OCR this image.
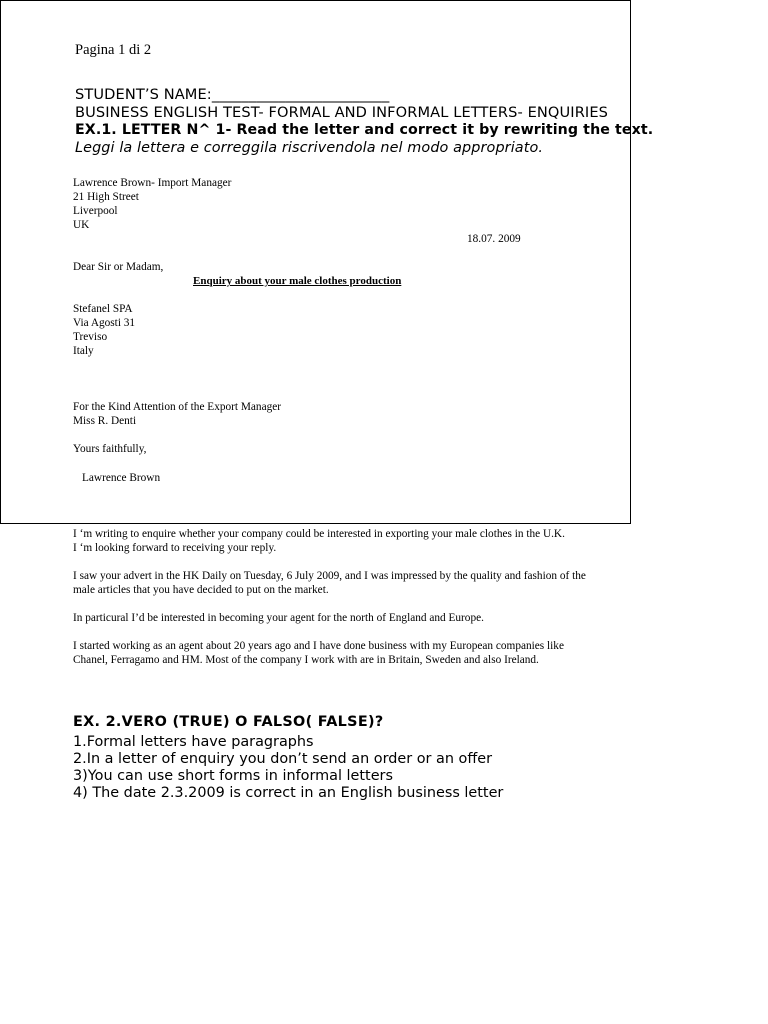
Pagina 1 di 2
STUDENT’S NAME:________________________
BUSINESS ENGLISH TEST- FORMAL AND INFORMAL LETTERS- ENQUIRIES
EX.1. LETTER N^ 1- Read the letter and correct it by rewriting the text.
Leggi la lettera e correggila riscrivendola nel modo appropriato.
Lawrence Brown- Import Manager
21 High Street
Liverpool
UK
18.07. 2009
Dear Sir or Madam,
Enquiry about your male clothes production
Stefanel SPA
Via Agosti 31
Treviso
Italy
For the Kind Attention of the Export Manager
Miss R. Denti
Yours faithfully,
Lawrence Brown
I ‘m writing to enquire whether your company could be interested in exporting your male clothes in the U.K.
I ‘m looking forward to receiving your reply.
I saw your advert in the HK Daily on Tuesday, 6 July 2009, and I was impressed by the quality and fashion of the
male articles that you have decided to put on the market.
In particural I’d be interested in becoming your agent for the north of England and Europe.
I started working as an agent about 20 years ago and I have done business with my European companies like
Chanel, Ferragamo and HM. Most of the company I work with are in Britain, Sweden and also Ireland.
EX. 2.VERO (TRUE) O FALSO( FALSE)?
1.Formal letters have paragraphs
2.In a letter of enquiry you don’t send an order or an offer
3)You can use short forms in informal letters
4) The date 2.3.2009 is correct in an English business letter
